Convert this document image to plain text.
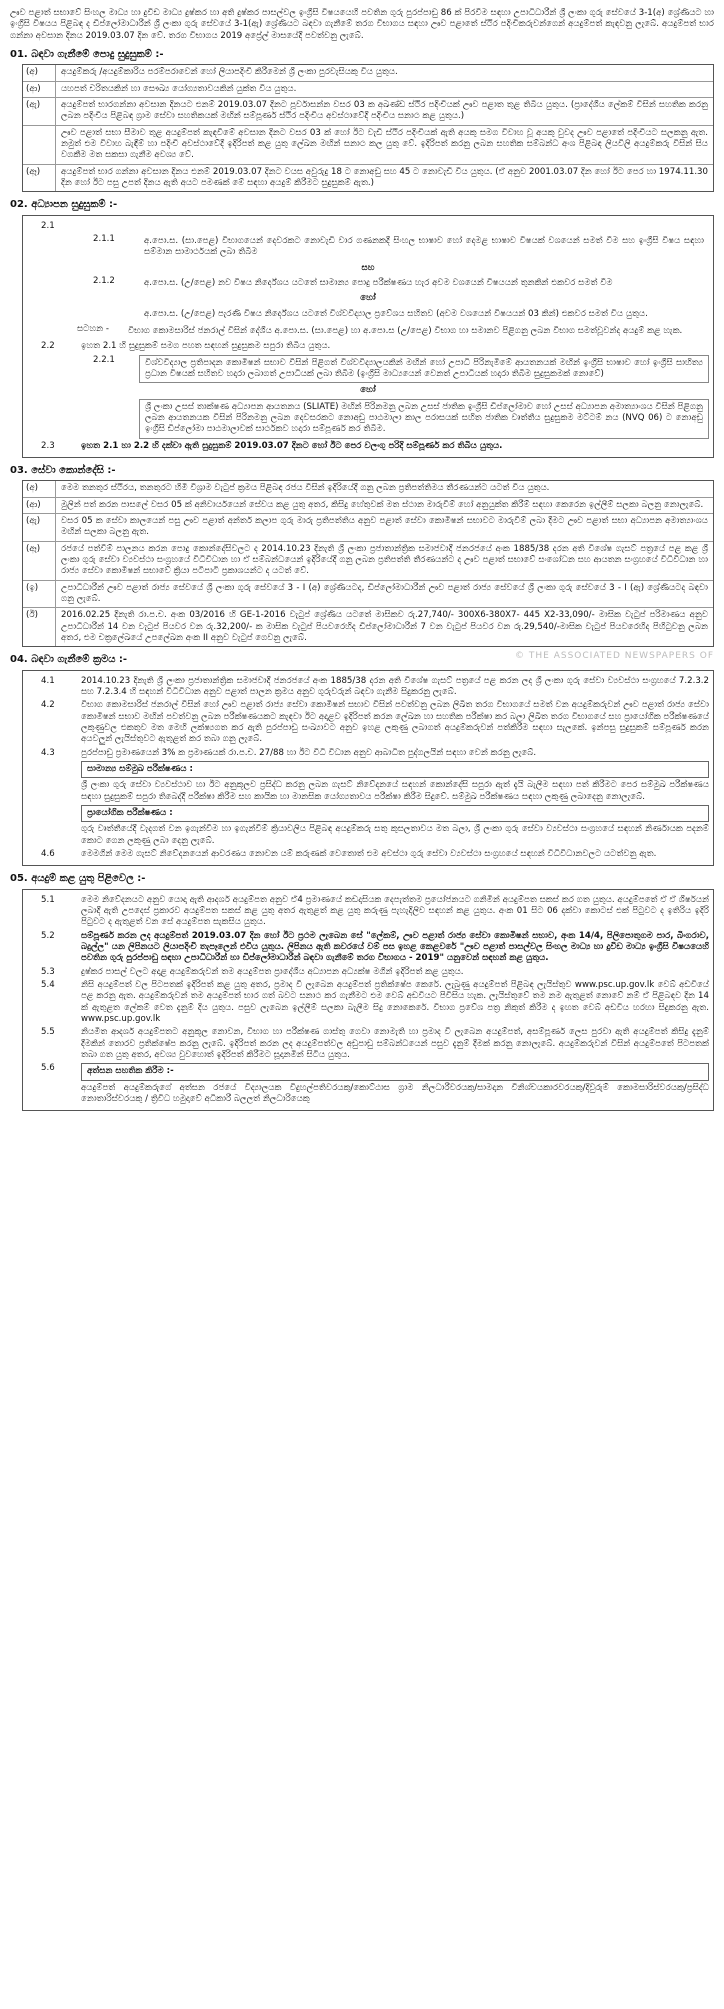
ඌව පළාත් සභාවේ සිංහල මාධ්‍ය හා දුවිඩ මාධ්‍ය දුෂ්කර හා අති දුෂ්කර පාසල්වල ඉංග්‍රීසි විෂයයෙහි පවතින ගුරු පුරප්පාඩු 86 ක් පිරවීම සඳහා උපාධිධාරීන් ශ්‍රී ලංකා ගුරු සේවයේ 3-1(අ) ශ්‍රේණියට හා ඉංග්‍රීසි විෂයය පිළිබඳ ද ඩිප්ලෝමාධාරීන් ශ්‍රී ලංකා ගුරු සේවයේ 3-1(ඇ) ශ්‍රේණියට බඳවා ගැනීමේ තරග විභාගය සඳහා ඌව පළාතේ ස්ථිර පදිංචිකරුවන්ගෙන් අයදුම්පත් කැඳවනු ලැබේ. අයදුම්පත් භාර ගන්නා අවසාන දිනය 2019.03.07 දින වේ. තරග විභාගය 2019 අප්‍රේල් මාසයේදී පවත්වනු ලැබේ.
01. බඳවා ගැනීමේ පොදු සුදුසුකම් :-
(අ)	අයදුම්කරු /අයදුම්කාරිය පරම්පරාවෙන් හෝ ලියාපදිංචි කිරීමෙන් ශ්‍රී ලංකා පුරවැසියකු විය යුතුය.
(ආ)	යහපත් චරිතයකින් හා සෞඛ්‍ය යෝග්‍යතාවයකින් යුක්ත විය යුතුය.
(ඇ)	අයදුම්පත් භාරගන්නා අවසාන දිනයට එනම් 2019.03.07 දිනට පූර්වාසන්න වසර 03 ක අඛණ්ඩ ස්ථිර පදිංචියක් ඌව පළාත තුළ තිබිය යුතුය. (ප්‍රාදේශීය ලේකම් විසින් සහතික කරනු ලබන පදිංචිය පිළිබඳ ග්‍රාම සේවා සහතිකයක් මඟින් සම්පූර්ණ ස්ථිර පදිංචිය අවස්ථාවේදී පදිංචිය සනාථ කළ යුතුය.)
ඌව පළාත් සභා සීමාව තුළ අයදුම්පත් කැඳවීමේ අවසාන දිනට වසර 03 ක් හෝ ඊට වැඩි ස්ථිර පදිංචියක් ඇති අයකු සමග විවාහ වූ අයකු වුවද ඌව පළාතේ පදිංචියට සලකනු ඇත. නමුත් එම විවාහ බැඳීම් හා පදිංචි අවස්ථාවේදී ඉදිරිපත් කළ යුතු ලේඛන මඟින් සනාථ කල යුතු වේ. ඉදිරිපත් කරනු ලබන සහතික සම්බන්ධ අංශ පිළිබඳ ලියවිලි අයදුම්කරු විසින් සිය වගකීම මත සකසා ගැනීම අවශ්‍ය වේ.
(ඈ)	අයදුම්පත් භාර ගන්නා අවසාන දිනය එනම් 2019.03.07 දිනට වයස අවුරුදු 18 ට නොඅඩු සහ 45 ට නොවැඩි විය යුතුය. (ඒ අනුව 2001.03.07 දින හෝ ඊට පෙර හා 1974.11.30 දින හෝ ඊට පසු උපත් දිනය ඇති අයට පමණක් මේ සඳහා අයදුම් කිරීමට සුදුසුකම් ඇත.)
02. අධ්‍යාපන සුදුසුකම් :-
2.1
2.1.1	අ.පො.ස. (සා.පෙළ) විභාගයෙන් දෙවරකට නොවැඩි වාර ගණනකදී සිංහල භාෂාව හෝ දෙමළ භාෂාව විෂයක් වශයෙන් සමත් වීම සහ ඉංග්‍රීසි විෂය සඳහා සම්මාන සාමාර්ථයක් ලබා තිබීම
සහ
2.1.2	අ.පො.ස. (උ/පෙළ) නව විෂය නිර්දේශය යටතේ සාමාන්‍ය පොදු පරීක්ෂණය හැර අවම වශයෙන් විෂයයන් තුනකින් එකවර සමත් වීම
හෝ
අ.පො.ස. (උ/පෙළ) පැරණි විෂය නිර්දේශය යටතේ විශ්වවිද්‍යාල ප්‍රවේශය සහිතව (අවම වශයෙන් විෂයයන් 03 කින්) එකවර සමත් විය යුතුය.
සටහන -	විභාග කොමසාරිස් ජනරාල් විසින් දේශීය අ.පො.ස. (සා.පෙළ) හා අ.පො.ස (උ/පෙළ) විභාග හා සමානව පිළිගනු ලබන විභාග සමත්වූවන්ද අයදුම් කළ හැක.
2.2	ඉහත 2.1 හි සුදුසුකම් සමග පහත සඳහන් සුදුසුකම සපුරා තිබිය යුතුය.
2.2.1	විශ්වවිද්‍යාල ප්‍රතිපාදන කොමිෂන් සභාව විසින් පිළිගත් විශ්වවිද්‍යාලයකින් මඟින් හෝ උපාධි පිරිනැමීමේ ආයතනයක් මඟින් ඉංග්‍රීසි භාෂාව හෝ ඉංග්‍රීසි සාහිත්‍ය ප්‍රධාන විෂයක් සහිතව හදාරා ලබාගත් උපාධියක් ලබා තිබීම (ඉංග්‍රීසි මාධ්‍යයෙන් වෙනත් උපාධියක් හදාරා තිබීම සුදුසුකමක් නොවේ)
හෝ
ශ්‍රී ලංකා උසස් තාක්ෂණ අධ්‍යාපන ආයතනය (SLIATE) මඟින් පිරිනමනු ලබන උසස් ජාතික ඉංග්‍රීසි ඩිප්ලෝමාව හෝ උසස් අධ්‍යාපන අමාත්‍යාංශය විසින් පිළිගනු ලබන ආයතනයක විසින් පිරිනමනු ලබන දෙවසරකට නොඅඩු පාඨමාලා කාල පරාසයක් සහිත ජාතික වෘත්තීය සුදුසුකම මට්ටම් නය (NVQ 06) ට නොඅඩු ඉංග්‍රීසි ඩිප්ලෝමා පාඨමාලාවක් සාර්ථකව හදාරා සම්පූර්ණ කර තිබීම.
2.3	ඉහත 2.1 හා 2.2 හි දක්වා ඇති සුදුසුකම් 2019.03.07 දිනට හෝ ඊට පෙර වලංගු පරිදි සම්පූර්ණ කර තිබිය යුතුය.
© THE ASSOCIATED NEWSPAPERS OF
03. සේවා කොන්දේසි :-
(අ)	මෙම තනතුර ස්ථිරය, තනතුරට හිමි විශ්‍රාම වැටුප් ක්‍රමය පිළිබඳ රජය විසින් ඉදිරියේදී ගනු ලබන ප්‍රතිපත්තිමය තීරණයන්ට යටත් විය යුතුය.
(ආ)	මුලින් පත් කරන පාසලේ වසර 05 ක් අනිවාර්යයෙන් සේවය කළ යුතු අතර, කිසිදු හේතුවක් මත ස්ථාන මාරුවීම් හෝ අනුයුක්ත කිරීම් සඳහා කෙරෙන ඉල්ලීම් සලකා බලනු නොලැබේ.
(ඇ)	වසර 05 ක සේවා කාලයෙන් පසු ඌව පළාත් අන්තර් කලාප ගුරු මාරු ප්‍රතිපත්තිය අනුව පළාත් සේවා කොමිෂන් සභාවට මාරුවීම් ලබා දීමට ඌව පළාත් සභා අධ්‍යාපන අමාත්‍යාංශය මඟින් සලකා බලනු ඇත.
(ඈ)	රජයේ පත්වීම් පාලනය කරන පොදු කොන්දේසිවලට ද 2014.10.23 දිනැති ශ්‍රී ලංකා ප්‍රජාතාන්ත්‍රික සමාජවාදී ජනරජයේ අංක 1885/38 දරන අති විශේෂ ගැසට් පත්‍රයේ පළ කළ ශ්‍රී ලංකා ගුරු සේවා ව්‍යවස්ථා සංග්‍රහයේ විධිවිධාන හා ඒ සම්බන්ධයෙන් ඉදිරියේදී ගනු ලබන ප්‍රතිපත්ති තීරණයන්ට ද ඌව පළාත් සභාවේ සංශෝධන සහ ආයතන සංග්‍රහයේ විධිවිධාන හා රාජ්‍ය සේවා කොමිෂන් සභාවේ ක්‍රියා පටිපාටි ප්‍රකාශයන්ට ද යටත් වේ.
(ඉ)	උපාධිධාරීන් ඌව පළාත් රාජ්‍ය සේවයේ ශ්‍රී ලංකා ගුරු සේවයේ 3 - I (අ) ශ්‍රේණියටද, ඩිප්ලෝමාධාරීන් ඌව පළාත් රාජ්‍ය සේවයේ ශ්‍රී ලංකා ගුරු සේවයේ 3 - I (ඇ) ශ්‍රේණියටද බඳවා ගනු ලැබේ.
(ඊ)	2016.02.25 දිනැති රා.ප.ච. අංක 03/2016 හි GE-1-2016 වැටුප් ශ්‍රේණිය යටතේ මාසිකව රු.27,740/- 300X6-380X7- 445 X2-33,090/- මාසික වැටුප් පරිමාණය අනුව උපාධිධාරීන් 14 වන වැටුප් පියවර වන රු.32,200/- ක මාසික වැටුප් පියවරෙහිද ඩිප්ලෝමාධාරීන් 7 වන වැටුප් පියවර වන රු.29,540/-මාසික වැටුප් පියවරෙහිද පිහිටුවනු ලබන අතර, එම චක්‍රලේඛයේ උපලේඛන අංක II අනුව වැටුප් ගෙවනු ලැබේ.
04. බඳවා ගැනීමේ ක්‍රමය :-
4.1	2014.10.23 දිනැති ශ්‍රී ලංකා ප්‍රජාතාන්ත්‍රික සමාජවාදී ජනරජයේ අංක 1885/38 දරන අති විශේෂ ගැසට් පත්‍රයේ පළ කරන ලද ශ්‍රී ලංකා ගුරු සේවා ව්‍යවස්ථා සංග්‍රහයේ 7.2.3.2 සහ 7.2.3.4 හි සඳහන් විධිවිධාන අනුව පළාත් පාලන ක්‍රමය අනුව ගුරුවරුන් බඳවා ගැනීම සිදුකරනු ලැබේ.
4.2	විභාග කොමසාරිස් ජනරාල් විසින් හෝ ඌව පළාත් රාජ්‍ය සේවා කොමිෂන් සභාව විසින් පවත්වනු ලබන ලිඛිත තරග විභාගයේ සමත් වන අයදුම්කරුවන් ඌව පළාත් රාජ්‍ය සේවා කොමිෂන් සභාව මඟින් පවත්වනු ලබන පරීක්ෂණයකට කැඳවා ඊට අදාළව ඉදිරිපත් කරන ලේඛන හා සහතික පරීක්ෂා කර බලා ලිඛිත තරග විභාගයේ සහ ප්‍රායෝගික පරීක්ෂණයේ ලකුණුවල එකතුව මත මෙහි ලක්ෂ්‍යගත කර ඇති පුරප්පාඩු සංඛ්‍යාවට අනුව ඉහළ ලකුණු ලබාගත් අයදුම්කරුවන් පත්කිරීම සඳහා සැලකේ. ඉන්පසු සුදුසුකම් සම්පූර්ණ කරන අයවලුන් ලැයිස්තුවට ඇතුළත් කර තබා ගනු ලැබේ.
4.3	පුරප්පාඩු ප්‍රමාණයෙන් 3% ක ප්‍රමාණයක් රා.ප.ච. 27/88 හා ඊට විධි විධාන අනුව ආබාධිත පුද්ගලයින් සඳහා වෙන් කරනු ලැබේ.
සාමාන්‍ය සම්මුඛ පරීක්ෂණය :
ශ්‍රී ලංකා ගුරු සේවා ව්‍යවස්ථාව හා ඊට අනුකූලව ප්‍රසිද්ධ කරනු ලබන ගැසට් නිවේදනයේ සඳහන් කොන්දේසි සපුරා ඇත් දැයි බැලීම සඳහා පත් කිරීමට පෙර සම්මුඛ පරීක්ෂණය සඳහා සුදුසුකම් සපුරා තිබෙද්දී පරීක්ෂා කිරීම සහ කායික හා මානසික යෝග්‍යතාවය පරීක්ෂා කිරීම සිදුවේ. සම්මුඛ පරීක්ෂණය සඳහා ලකුණු ලබාදෙනු නොලැබේ.
ප්‍රායෝගික පරීක්ෂණය :
ගුරු වෘත්තීයේදී වැදගත් වන ඉගැන්වීම හා ඉගැන්වීම් ක්‍රියාවලිය පිළිබඳ අයදුම්කරු සතු කුසලතාවය මත බලා, ශ්‍රී ලංකා ගුරු සේවා ව්‍යවස්ථා සංග්‍රහයේ සඳහන් නිර්ණායක පදනම් කොට ගෙන ලකුණු ලබා දෙනු ලැබේ.
4.6	මෙමගින් මෙම ගැසට් නිවේදනයෙන් ආවරණය නොවන යම් කරුණක් වෙතොත් එම අවස්ථා ගුරු සේවා ව්‍යවස්ථා සංග්‍රහයේ සඳහන් විධිවිධානවලට යටත්වනු ඇත.
05. අයදුම් කළ යුතු පිළිවෙල :-
5.1	මෙම නිවේදනයට අනුව යොදා ඇති ආදර්ශ අයදුම්පත අනුව ඒ4 ප්‍රමාණයේ කඩදාසියක දෙපැත්තම ප්‍රයෝජනයට ගනිමින් අයදුම්පත සකස් කර ගත යුතුය. අයදුම්පතේ ඒ ඒ ශීර්ෂයන් ලබාදී ඇති උපදෙස් ප්‍රකාරව අයදුම්පත සකස් කළ යුතු අතර ඇතුළත් කළ යුතු කරුණු පැහැදිලිව සඳහන් කළ යුතුය. අංක 01 සිට 06 දක්වා කොටස් එක් පිටුවට ද ඉතිරිය ඉදිරි පිටුවට ද ඇතුළත් වන සේ අයදුම්පත සැකසිය යුතුය.
5.2	සම්පූර්ණ කරන ලද අයදුම්පත් 2019.03.07 දින හෝ ඊට ප්‍රථම ලැබෙන සේ "ලේකම්, ඌව පළාත් රාජ්‍ය සේවා කොමිෂන් සභාව, අංක 14/4, පිලිපොතුගම පාර, බිංගරාව, බදුල්ල" යන ලිපිනයට ලියාපදිංචි තැපෑලෙන් එවිය යුතුය. ලිපිනය ඇති කවරයේ වම් පස ඉහළ කෙළවරේ "ඌව පළාත් පාසල්වල සිංහල මාධ්‍ය හා දුවිඩ මාධ්‍ය ඉංග්‍රීසි විෂයයෙහි පවතින ගුරු පුරප්පාඩු සඳහා උපාධිධාරීන් හා ඩිප්ලෝමාධාරීන් බඳවා ගැනීමේ තරග විභාගය - 2019" යනුවෙන් සඳහන් කළ යුතුය.
5.3	දුෂ්කර පාසල් වලට අදාළ අයදුම්කරුවන් තම අයදුම්පත ප්‍රාදේශීය අධ්‍යාපන අධ්‍යක්ෂ මගින් ඉදිරිපත් කළ යුතුය.
5.4	නිසි අයදුම්පත් වල පිටපතක් ඉදිරිපත් කළ යුතු අතර, ප්‍රමාද වී ලැබෙන අයදුම්පත් ප්‍රතික්ෂේප කෙරේ. ලැබුණු අයදුම්පත් පිළිබඳ ලැයිස්තුව www.psc.up.gov.lk වෙබ් අඩවියේ පළ කරනු ඇත. අයදුම්කරුවන් තම අයදුම්පත් භාර ගත් බවට සනාථ කර ගැනීමට එම වෙබ් අඩවියට පිවිසිය හැක. ලැයිස්තුවේ තම නම ඇතුළත් නොවේ නම් ඒ පිළිබඳව දින 14 ක් ඇතුළත ලේකම් වෙත දැනුම් දිය යුතුය. පසුව ලැබෙන ඉල්ලීම් සලකා බැලීම සිදු නොකෙරේ. විභාග ප්‍රවේශ පත්‍ර නිකුත් කිරීම ද ඉහත වෙබ් අඩවිය හරහා සිදුකරනු ඇත. www.psc.up.gov.lk
5.5	නියමිත ආදර්ශ අයදුම්පතට අනුකූල නොවන, විභාග හා පරීක්ෂණ ගාස්තු ගෙවා නොමැති හා ප්‍රමාද වී ලැබෙන අයදුම්පත්, අසම්පූර්ණ ලෙස පුරවා ඇති අයදුම්පත් කිසිදු දැනුම් දීමකින් තොරව ප්‍රතික්ෂේප කරනු ලැබේ. ඉදිරිපත් කරන ලද අයදුම්පත්වල අඩුපාඩු සම්බන්ධයෙන් පසුව දැනුම් දීමක් කරනු නොලැබේ. අයදුම්කරුවන් විසින් අයදුම්පතේ පිටපතක් තබා ගත යුතු අතර, අවශ්‍ය වුවහොත් ඉදිරිපත් කිරීමට සූදානමින් සිටිය යුතුය.
5.6	අත්සන සහතික කිරීම :-
අයදුම්පත් අයදුම්කරුගේ අත්සන රජයේ විද්‍යාලයක විදුහල්පතිවරයකු/කොට්ඨාස ග්‍රාම නිලධාරීවරයකු/සාමදාන විනිශ්චයකාරවරයකු/දිවුරුම් කොමසාරිස්වරයකු/ප්‍රසිද්ධ නොතාරිස්වරයකු / ත්‍රිවිධ හමුදාවේ අධිකාරී බලලත් නිලධාරියෙකු
